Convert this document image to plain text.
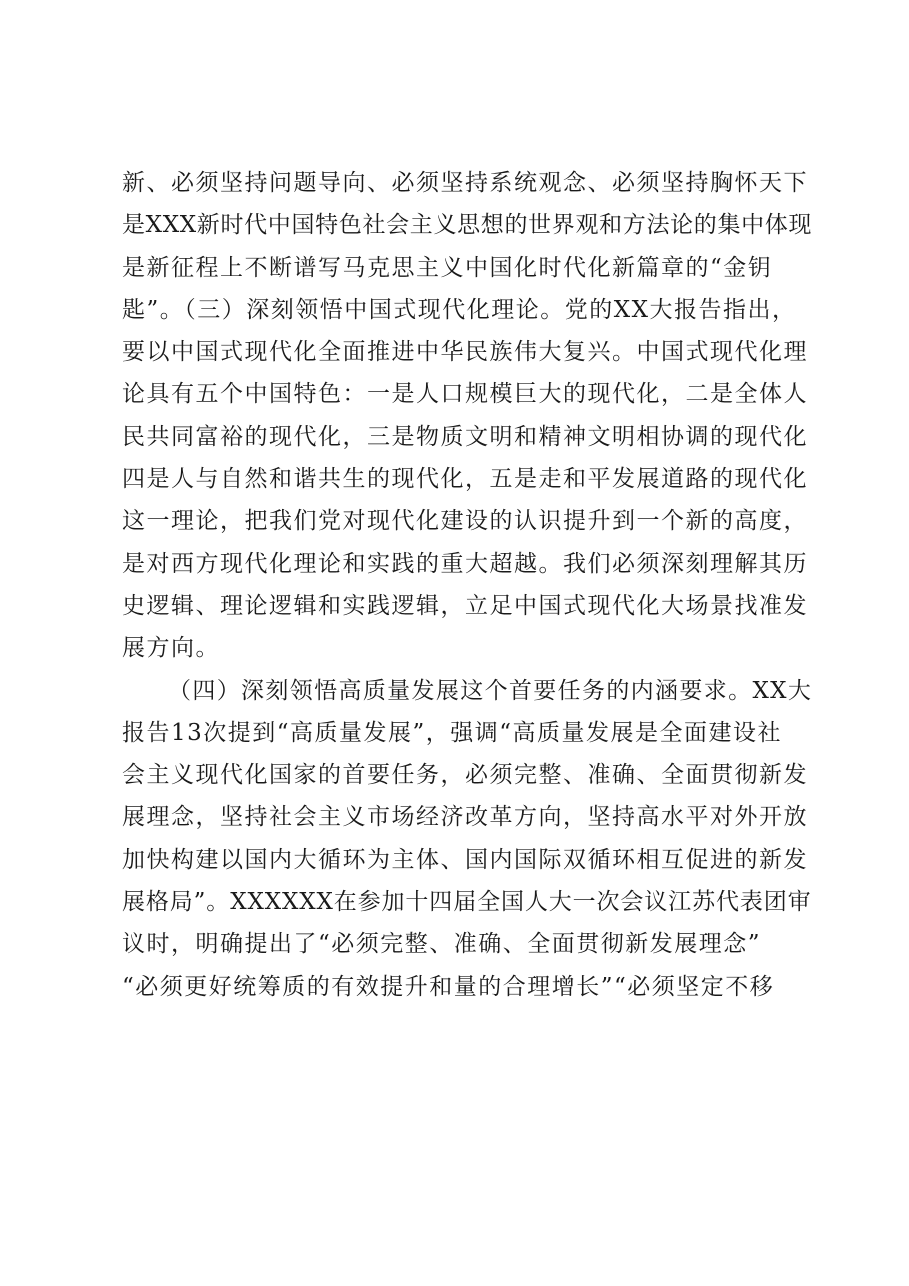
新、必须坚持问题导向、必须坚持系统观念、必须坚持胸怀天下
是XXX新时代中国特色社会主义思想的世界观和方法论的集中体现
是新征程上不断谱写马克思主义中国化时代化新篇章的“金钥
匙”。（三）深刻领悟中国式现代化理论。党的XX大报告指出，
要以中国式现代化全面推进中华民族伟大复兴。中国式现代化理
论具有五个中国特色：一是人口规模巨大的现代化，二是全体人
民共同富裕的现代化，三是物质文明和精神文明相协调的现代化
四是人与自然和谐共生的现代化，五是走和平发展道路的现代化
这一理论，把我们党对现代化建设的认识提升到一个新的高度，
是对西方现代化理论和实践的重大超越。我们必须深刻理解其历
史逻辑、理论逻辑和实践逻辑，立足中国式现代化大场景找准发
展方向。
（四）深刻领悟高质量发展这个首要任务的内涵要求。XX大
报告13次提到“高质量发展”，强调“高质量发展是全面建设社
会主义现代化国家的首要任务，必须完整、准确、全面贯彻新发
展理念，坚持社会主义市场经济改革方向，坚持高水平对外开放
加快构建以国内大循环为主体、国内国际双循环相互促进的新发
展格局”。XXXXXX在参加十四届全国人大一次会议江苏代表团审
议时，明确提出了“必须完整、准确、全面贯彻新发展理念”
“必须更好统筹质的有效提升和量的合理增长”“必须坚定不移
